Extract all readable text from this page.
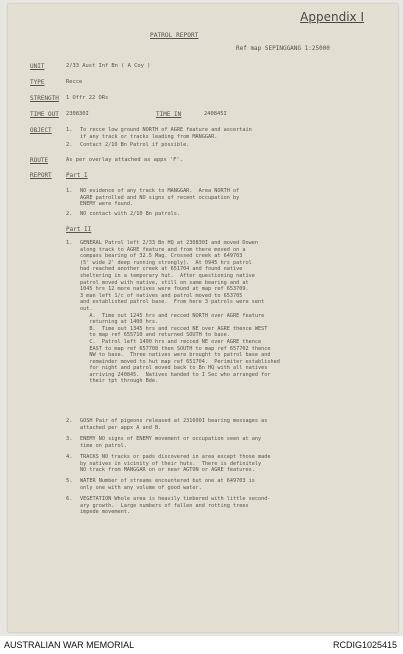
Appendix I
PATROL REPORT
Ref map SEPINGGANG 1:25000
UNIT	2/33 Aust Inf Bn ( A Coy )
TYPE	Recce
STRENGTH 1 Offr 22 ORs
TIME OUT 230830I	TIME IN	240845I
OBJECT	1. To recce low ground NORTH of AGRE feature and ascertain
if any track or tracks leading from MANGGAR.
2. Contact 2/10 Bn Patrol if possible.
ROUTE	As per overlay attached as appx 'F'.
REPORT Part I
1. NO evidence of any track to MANGGAR.  Area NORTH of
AGRE patrolled and NO signs of recent occupation by
ENEMY were found.
2. NO contact with 2/10 Bn patrols.
Part II
1. GENERAL Patrol left 2/33 Bn HQ at 230830I and moved Dowen
along track to AGRE feature and from there moved on a
compass bearing of 32.5 Mag. Crossed creek at 649703
(5' wide 2' deep running strongly).  At 0945 hrs patrol
had reached another creek at 651704 and found native
sheltering in a temporary hut.  After questioning native
patrol moved with native, still on same bearing and at
1045 hrs 12 more natives were found at map ref 653709.
3 man left 1/c of natives and patrol moved to 653705
and established patrol base.  From here 3 patrols were sent
out.
A.  Time out 1245 hrs and recced NORTH over AGRE feature
returning at 1400 hrs.
B.  Time out 1345 hrs and recced NE over AGRE thence WEST
to map ref 655710 and returned SOUTH to base.
C.  Patrol left 1400 hrs and recced NE over AGRE thence
EAST to map ref 657708 then SOUTH to map ref 657702 thence
NW to base.  Three natives were brought to patrol base and
remainder moved to hut map ref 651704.  Perimiter established
for night and patrol moved back to Bn HQ with all natives
arriving 240845.  Natives handed to I Sec who arranged for
their tpt through Bde.
2. GOSH Pair of pigeons released at 231600I bearing messages as
attached per appx A and B.
3. ENEMY NO signs of ENEMY movement or occupation seen at any
time on patrol.
4. TRACKS NO tracks or pads discovered in area except those made
by natives in vicinity of their huts.  There is definitely
NO track from MANGGAR on or near AGTON or AGRE features.
5. WATER Number of streams encountered but one at 649703 is
only one with any volume of good water.
6. VEGETATION Whole area is heavily timbered with little second-
ary growth.  Large numbers of fallen and rotting trees
impede movement.
AUSTRALIAN WAR MEMORIAL	RCDIG1025415
